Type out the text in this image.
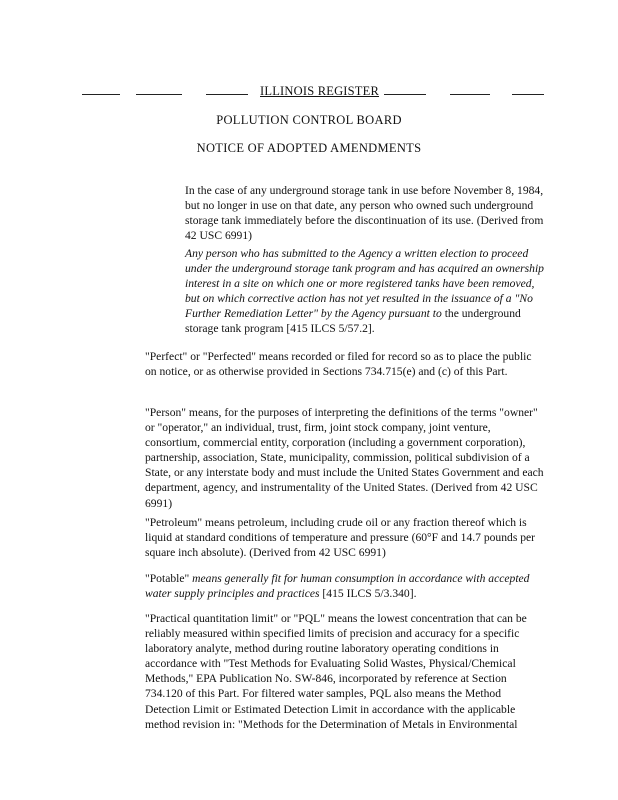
ILLINOIS REGISTER
POLLUTION CONTROL BOARD
NOTICE OF ADOPTED AMENDMENTS

In the case of any underground storage tank in use before November 8, 1984, but no longer in use on that date, any person who owned such underground storage tank immediately before the discontinuation of its use. (Derived from 42 USC 6991)

Any person who has submitted to the Agency a written election to proceed under the underground storage tank program and has acquired an ownership interest in a site on which one or more registered tanks have been removed, but on which corrective action has not yet resulted in the issuance of a "No Further Remediation Letter" by the Agency pursuant to the underground storage tank program [415 ILCS 5/57.2].

"Perfect" or "Perfected" means recorded or filed for record so as to place the public on notice, or as otherwise provided in Sections 734.715(e) and (c) of this Part.

"Person" means, for the purposes of interpreting the definitions of the terms "owner" or "operator," an individual, trust, firm, joint stock company, joint venture, consortium, commercial entity, corporation (including a government corporation), partnership, association, State, municipality, commission, political subdivision of a State, or any interstate body and must include the United States Government and each department, agency, and instrumentality of the United States. (Derived from 42 USC 6991)

"Petroleum" means petroleum, including crude oil or any fraction thereof which is liquid at standard conditions of temperature and pressure (60°F and 14.7 pounds per square inch absolute). (Derived from 42 USC 6991)

"Potable" means generally fit for human consumption in accordance with accepted water supply principles and practices [415 ILCS 5/3.340].

"Practical quantitation limit" or "PQL" means the lowest concentration that can be reliably measured within specified limits of precision and accuracy for a specific laboratory analyte, method during routine laboratory operating conditions in accordance with "Test Methods for Evaluating Solid Wastes, Physical/Chemical Methods," EPA Publication No. SW-846, incorporated by reference at Section 734.120 of this Part. For filtered water samples, PQL also means the Method Detection Limit or Estimated Detection Limit in accordance with the applicable method revision in: "Methods for the Determination of Metals in Environmental
